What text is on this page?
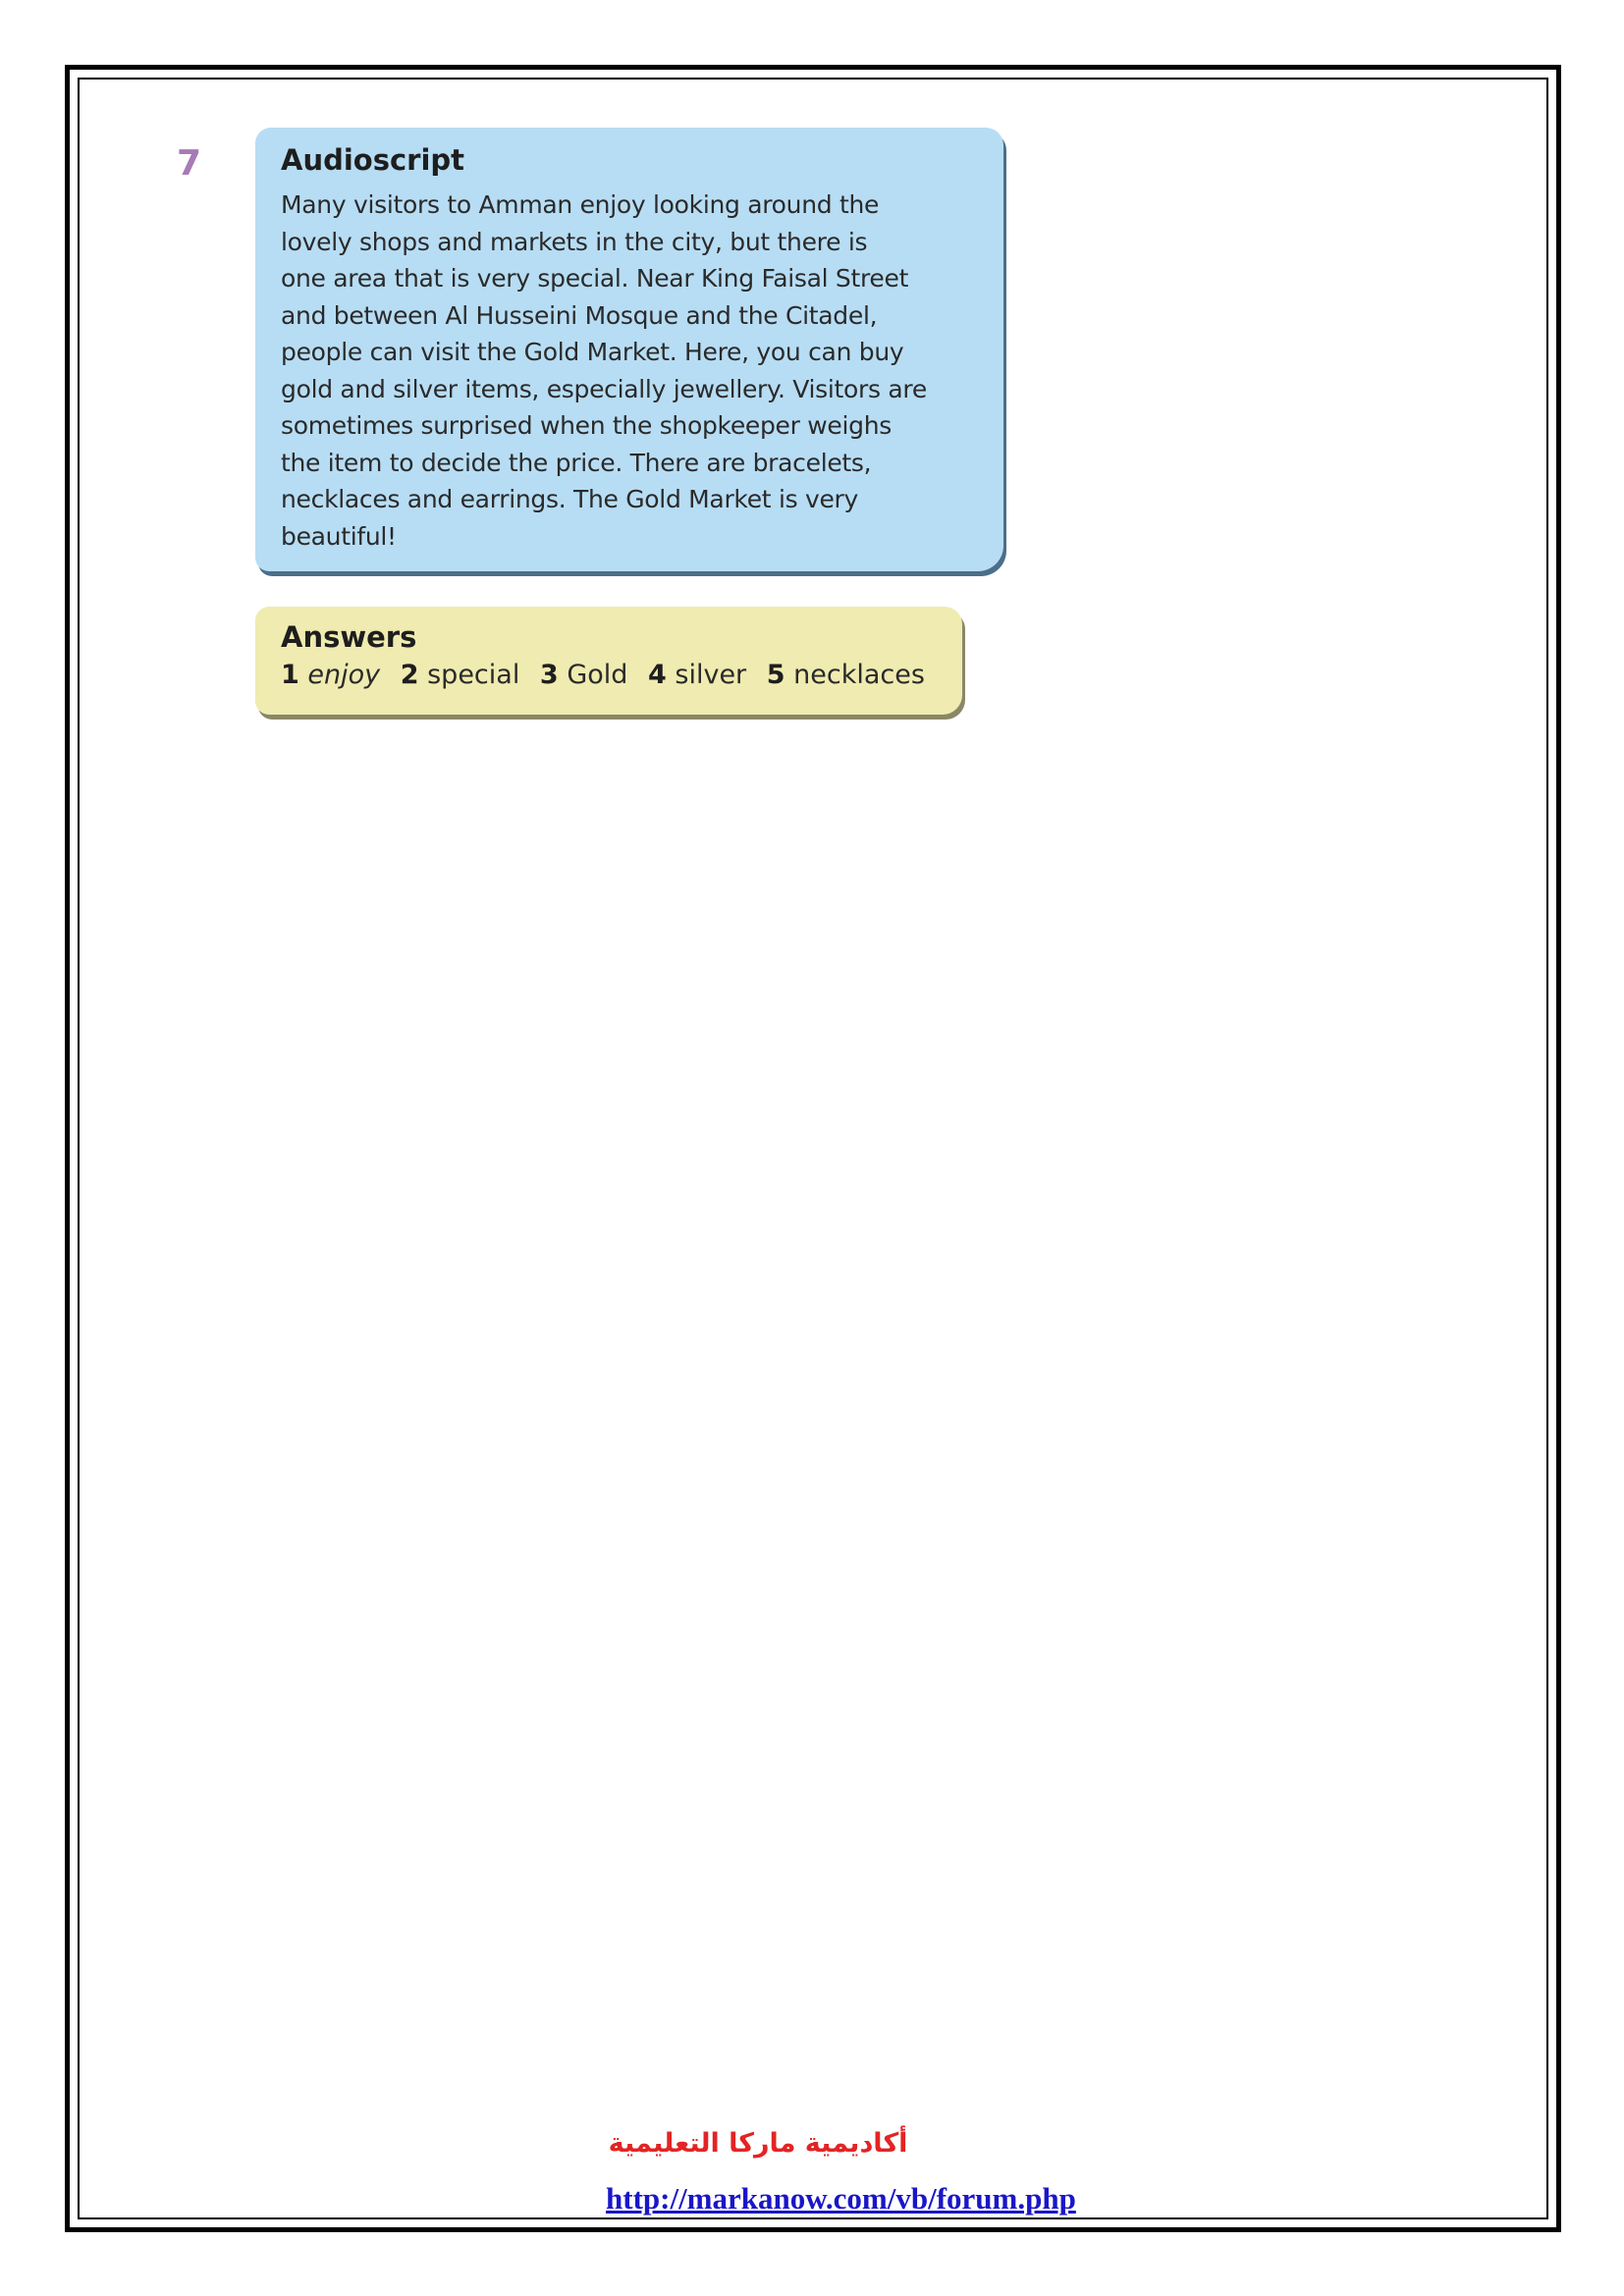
7	Audioscript
Many visitors to Amman enjoy looking around the
lovely shops and markets in the city, but there is
one area that is very special. Near King Faisal Street
and between Al Husseini Mosque and the Citadel,
people can visit the Gold Market. Here, you can buy
gold and silver items, especially jewellery. Visitors are
sometimes surprised when the shopkeeper weighs
the item to decide the price. There are bracelets,
necklaces and earrings. The Gold Market is very
beautiful!
Answers
1 enjoy 2 special 3 Gold 4 silver 5 necklaces
أكاديمية ماركا التعليمية
http://markanow.com/vb/forum.php
